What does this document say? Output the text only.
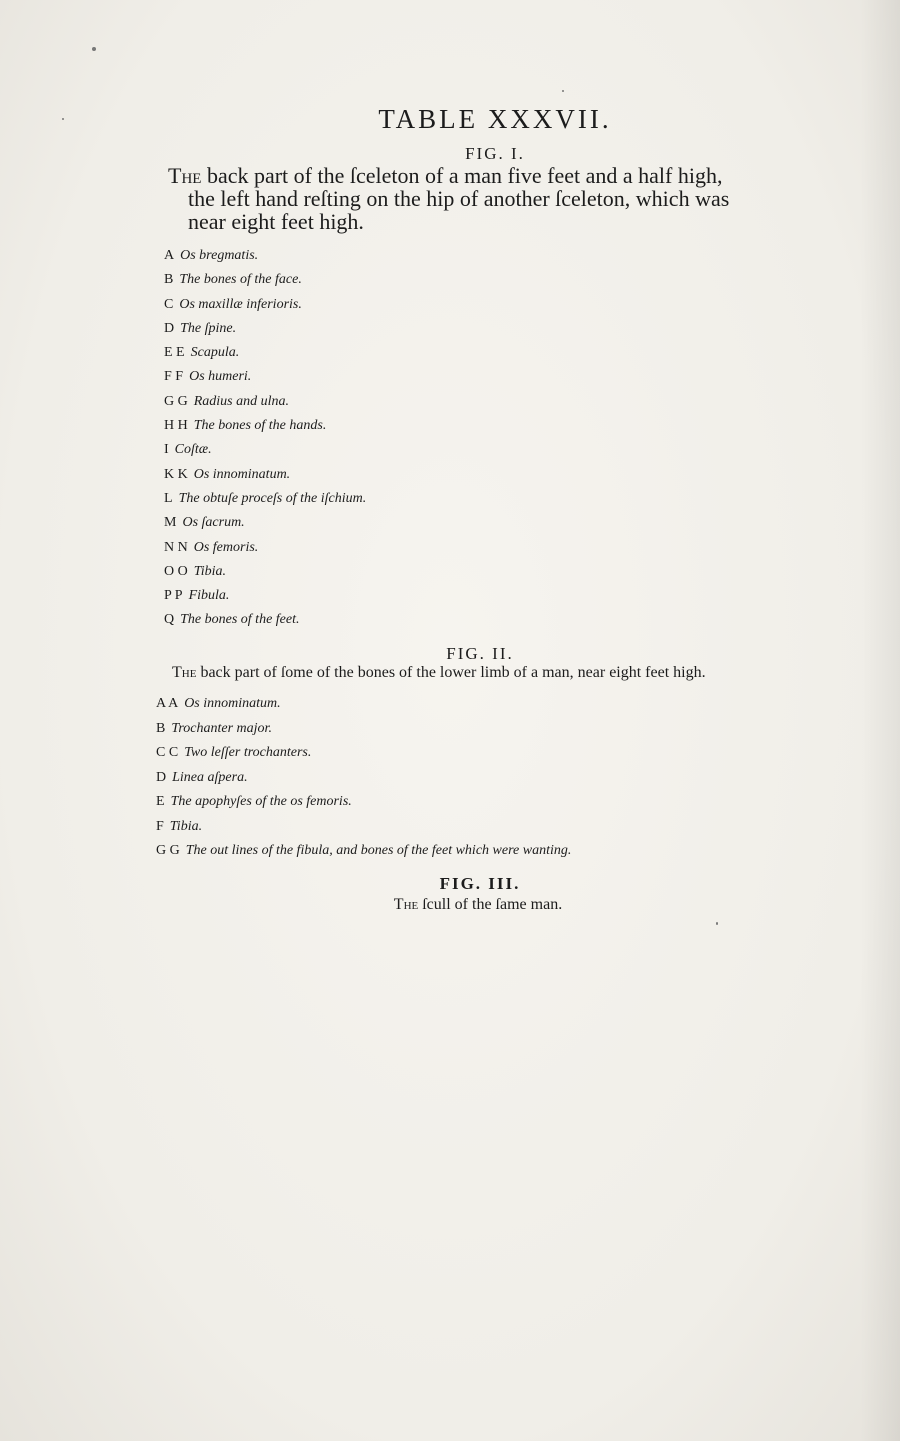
TABLE XXXVII.
FIG. I.
The back part of the ſceleton of a man five feet and a half high,
the left hand reſting on the hip of another ſceleton, which was
near eight feet high.
A Os bregmatis.
B The bones of the face.
C Os maxillæ inferioris.
D The ſpine.
E E Scapula.
F F Os humeri.
G G Radius and ulna.
H H The bones of the hands.
I Coſtæ.
K K Os innominatum.
L The obtuſe proceſs of the iſchium.
M Os ſacrum.
N N Os femoris.
O O Tibia.
P P Fibula.
Q The bones of the feet.
FIG. II.
The back part of ſome of the bones of the lower limb of a man, near eight feet high.
A A Os innominatum.
B Trochanter major.
C C Two leſſer trochanters.
D Linea aſpera.
E The apophyſes of the os femoris.
F Tibia.
G G The out lines of the fibula, and bones of the feet which were wanting.
FIG. III.
The ſcull of the ſame man.
